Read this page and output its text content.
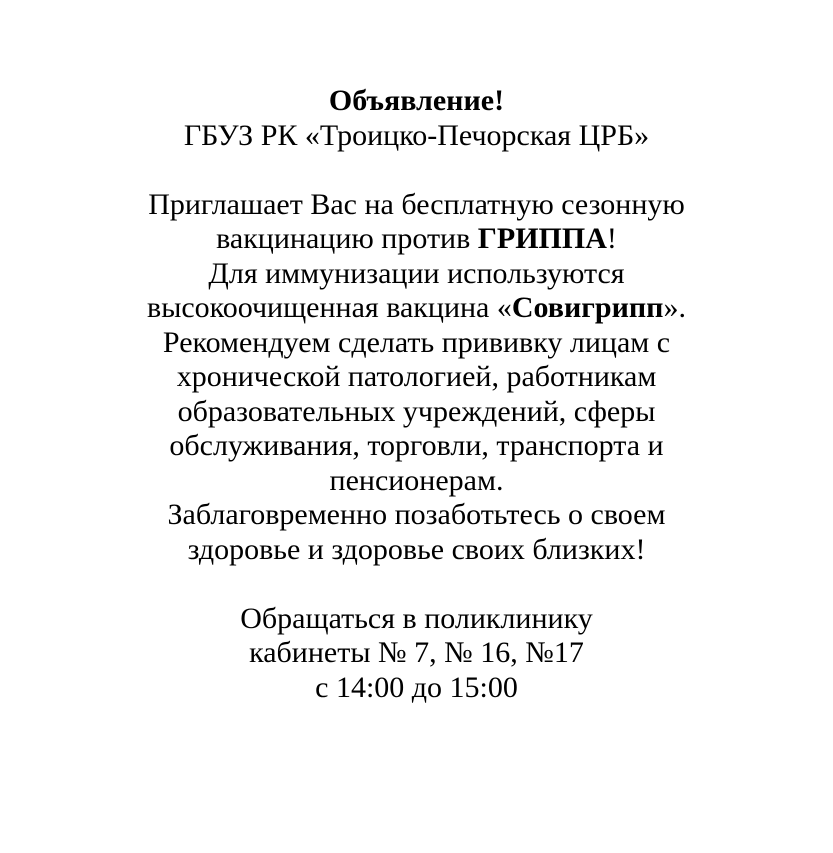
Объявление!
ГБУЗ РК «Троицко-Печорская ЦРБ»
Приглашает Вас на бесплатную сезонную
вакцинацию против ГРИППА!
Для иммунизации используются
высокоочищенная вакцина «Совигрипп».
Рекомендуем сделать прививку лицам с
хронической патологией, работникам
образовательных учреждений, сферы
обслуживания, торговли, транспорта и
пенсионерам.
Заблаговременно позаботьтесь о своем
здоровье и здоровье своих близких!
Обращаться в поликлинику
кабинеты № 7, № 16, №17
с 14:00 до 15:00
